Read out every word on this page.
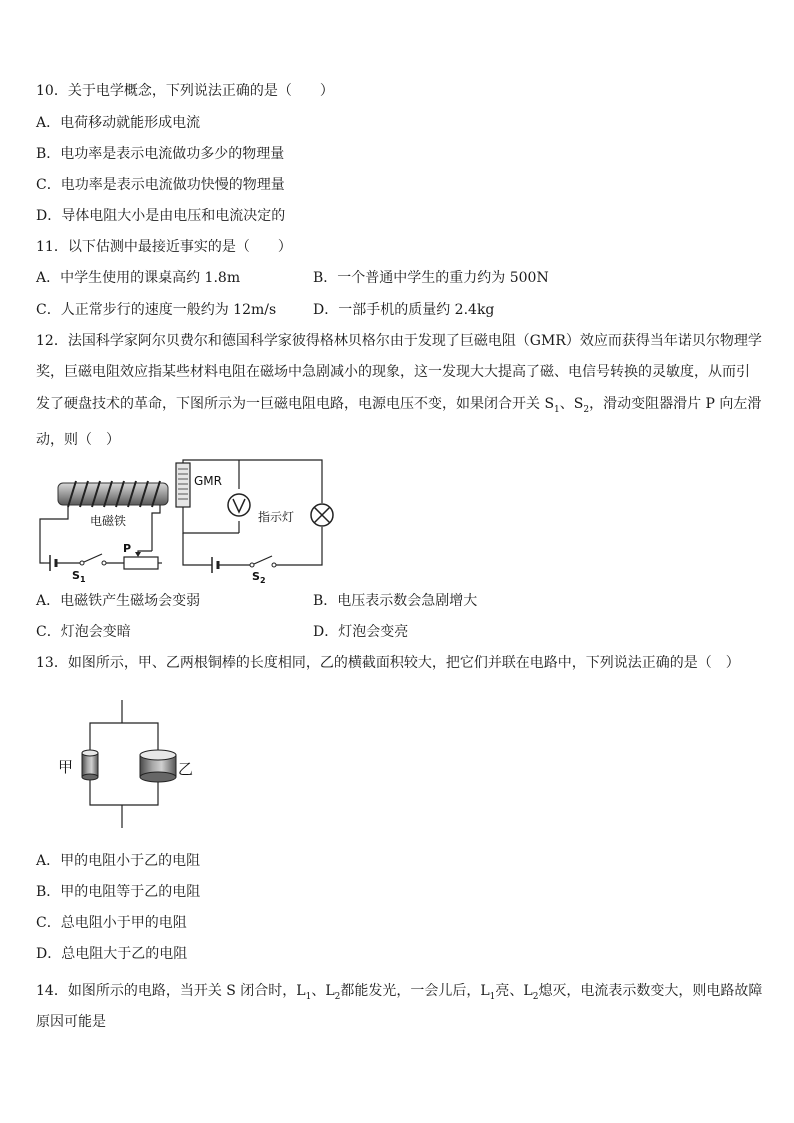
10．关于电学概念，下列说法正确的是（　　）
A．电荷移动就能形成电流
B．电功率是表示电流做功多少的物理量
C．电功率是表示电流做功快慢的物理量
D．导体电阻大小是由电压和电流决定的
11．以下估测中最接近事实的是（　　）
A．中学生使用的课桌高约 1.8m	B．一个普通中学生的重力约为 500N
C．人正常步行的速度一般约为 12m/s	D．一部手机的质量约 2.4kg
12．法国科学家阿尔贝费尔和德国科学家彼得格林贝格尔由于发现了巨磁电阻（GMR）效应而获得当年诺贝尔物理学
奖，巨磁电阻效应指某些材料电阻在磁场中急剧减小的现象，这一发现大大提高了磁、电信号转换的灵敏度，从而引
发了硬盘技术的革命，下图所示为一巨磁电阻电路，电源电压不变，如果闭合开关 $S_1$、$S_2$，滑动变阻器滑片 P 向左滑
动，则（　）
电磁铁
$S_1$
P
GMR
指示灯
$S_2$
A．电磁铁产生磁场会变弱	B．电压表示数会急剧增大
C．灯泡会变暗	D．灯泡会变亮
13．如图所示，甲、乙两根铜棒的长度相同，乙的横截面积较大，把它们并联在电路中，下列说法正确的是（　）
甲	乙
A．甲的电阻小于乙的电阻
B．甲的电阻等于乙的电阻
C．总电阻小于甲的电阻
D．总电阻大于乙的电阻
14．如图所示的电路，当开关 S 闭合时，$L_1$、$L_2$都能发光，一会儿后，$L_1$亮、$L_2$熄灭，电流表示数变大，则电路故障
原因可能是
